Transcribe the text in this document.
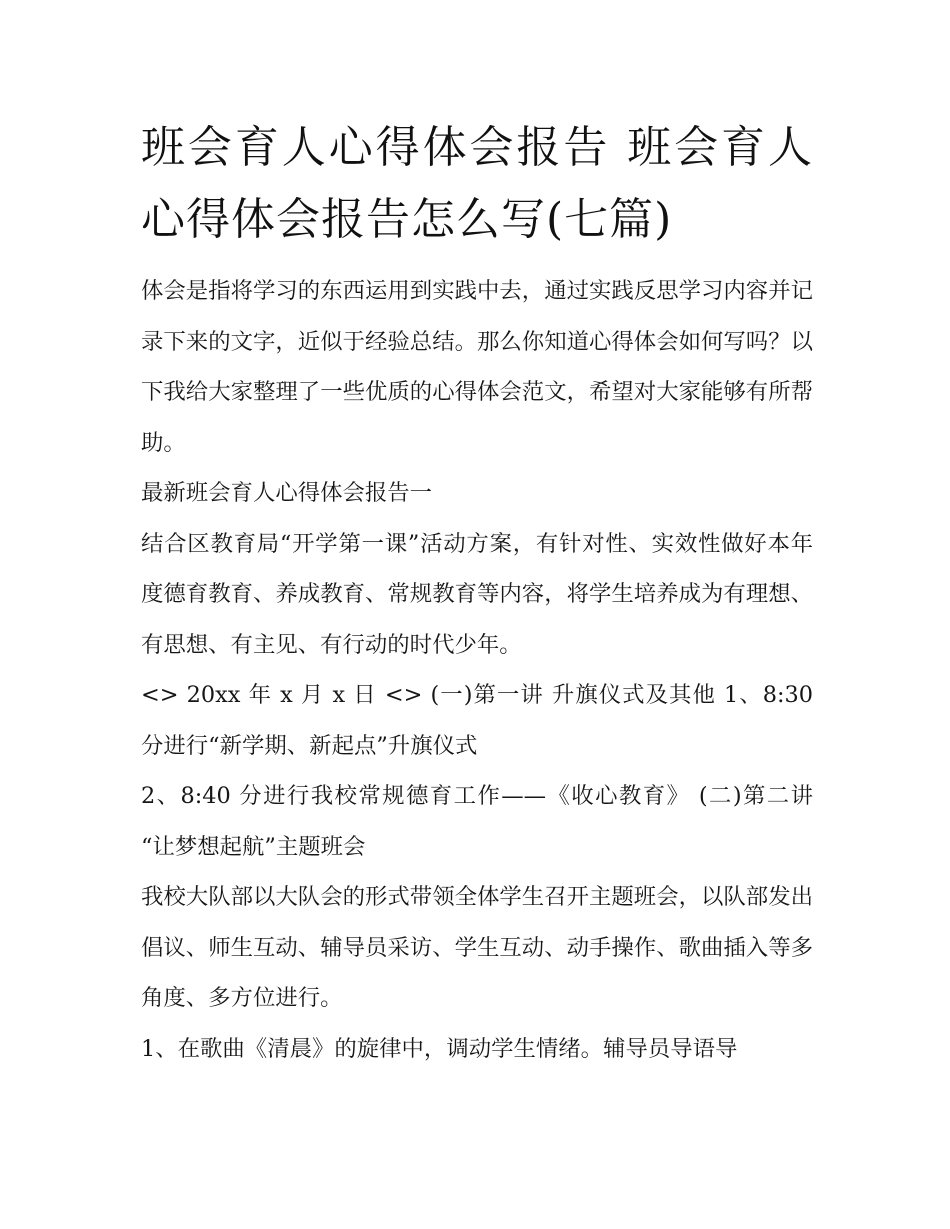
班会育人心得体会报告 班会育人心得体会报告怎么写(七篇)

体会是指将学习的东西运用到实践中去，通过实践反思学习内容并记录下来的文字，近似于经验总结。那么你知道心得体会如何写吗？以下我给大家整理了一些优质的心得体会范文，希望对大家能够有所帮助。

最新班会育人心得体会报告一

结合区教育局“开学第一课”活动方案，有针对性、实效性做好本年度德育教育、养成教育、常规教育等内容，将学生培养成为有理想、有思想、有主见、有行动的时代少年。

<> 20xx 年 x 月 x 日 <> (一)第一讲 升旗仪式及其他 1、8:30 分进行“新学期、新起点”升旗仪式

2、8:40 分进行我校常规德育工作——《收心教育》 (二)第二讲 “让梦想起航”主题班会

我校大队部以大队会的形式带领全体学生召开主题班会，以队部发出倡议、师生互动、辅导员采访、学生互动、动手操作、歌曲插入等多角度、多方位进行。

1、在歌曲《清晨》的旋律中，调动学生情绪。辅导员导语导
